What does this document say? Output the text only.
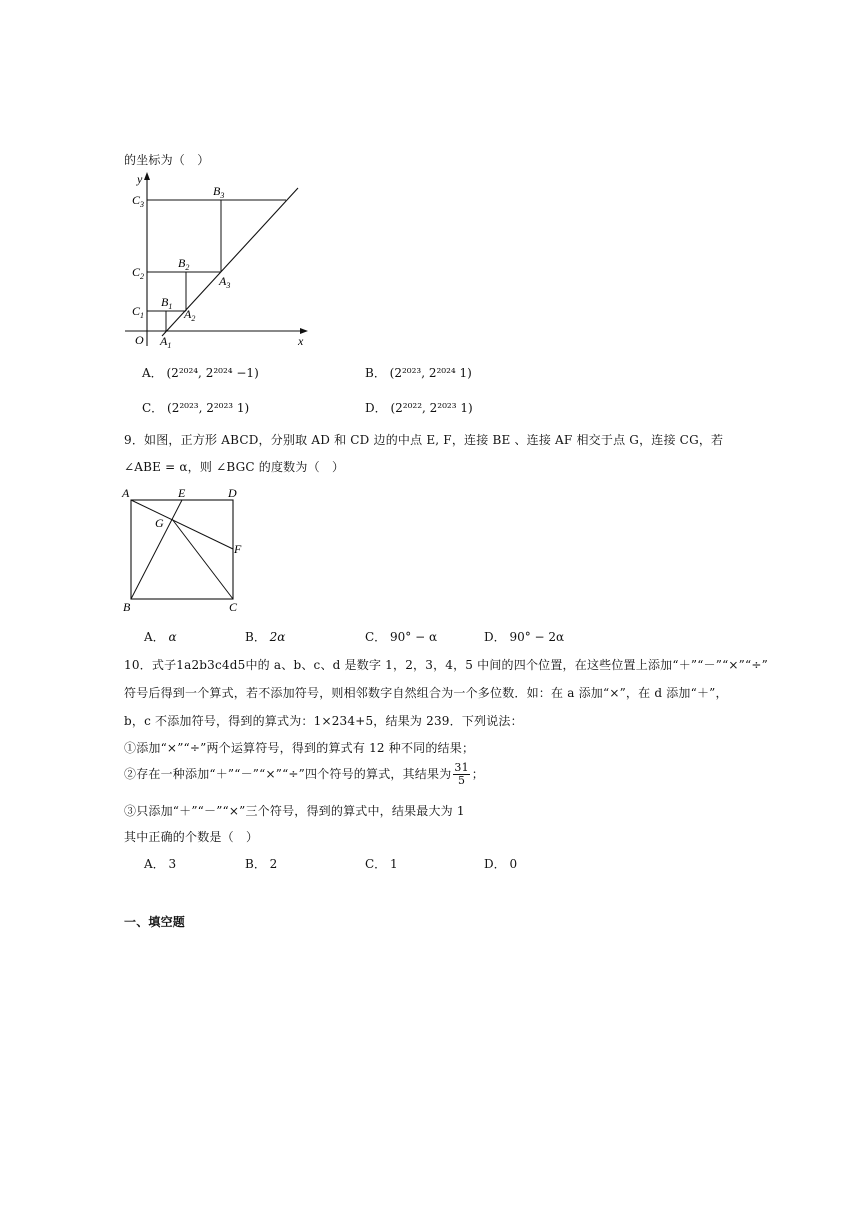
的坐标为（　）
y
x
O
$C_3$
$C_2$
$C_1$
$B_3$
$B_2$
$B_1$
$A_3$
$A_2$
$A_1$
A． (2²⁰²⁴, 2²⁰²⁴ −1)	B． (2²⁰²³, 2²⁰²⁴ 1)
C． (2²⁰²³, 2²⁰²³ 1)	D． (2²⁰²², 2²⁰²³ 1)
9．如图，正方形 ABCD，分别取 AD 和 CD 边的中点 E, F，连接 BE 、连接 AF 相交于点 G，连接 CG，若
∠ABE = α，则 ∠BGC 的度数为（　）
A	E	D
G
F
B	C
A． α	B． 2α	C． 90° − α	D． 90° − 2α
10．式子1a2b3c4d5中的 a、b、c、d 是数字 1，2，3，4，5 中间的四个位置，在这些位置上添加“＋”“－”“×”“÷”
符号后得到一个算式，若不添加符号，则相邻数字自然组合为一个多位数．如：在 a 添加“×”，在 d 添加“＋”，
b，c 不添加符号，得到的算式为：1×234+5，结果为 239．下列说法：
①添加“×”“÷”两个运算符号，得到的算式有 12 种不同的结果；
②存在一种添加“＋”“－”“×”“÷”四个符号的算式，其结果为 $\frac{31}{5}$ ；
③只添加“＋”“－”“×”三个符号，得到的算式中，结果最大为 1
其中正确的个数是（　）
A． 3	B． 2	C． 1	D． 0
一、填空题
